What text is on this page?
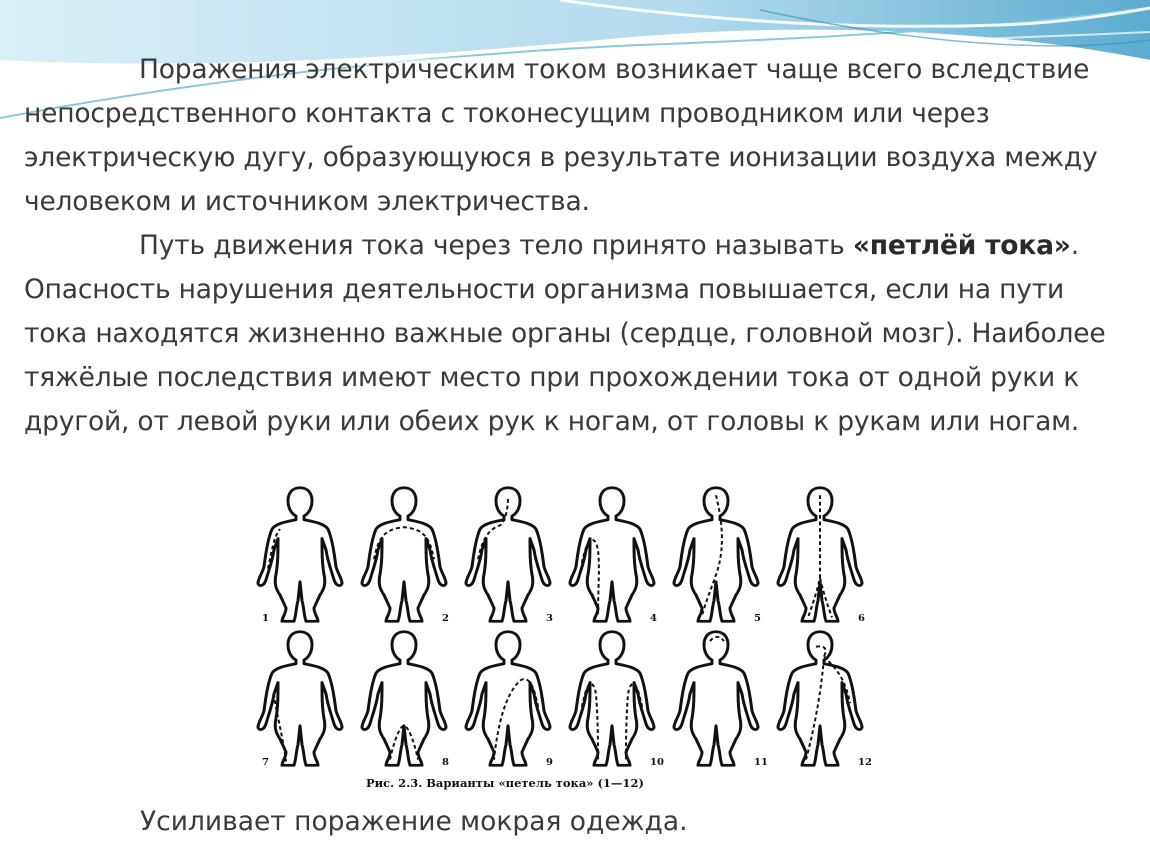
Поражения электрическим током возникает чаще всего вследствие непосредственного контакта с токонесущим проводником или через электрическую дугу, образующуюся в результате ионизации воздуха между человеком и источником электричества.

Путь движения тока через тело принято называть «петлёй тока». Опасность нарушения деятельности организма повышается, если на пути тока находятся жизненно важные органы (сердце, головной мозг). Наиболее тяжёлые последствия имеют место при прохождении тока от одной руки к другой, от левой руки или обеих рук к ногам, от головы к рукам или ногам.

1	2	3	4	5	6
7	8	9	10	11	12
Рис. 2.3. Варианты «петель тока» (1—12)
Усиливает поражение мокрая одежда.
